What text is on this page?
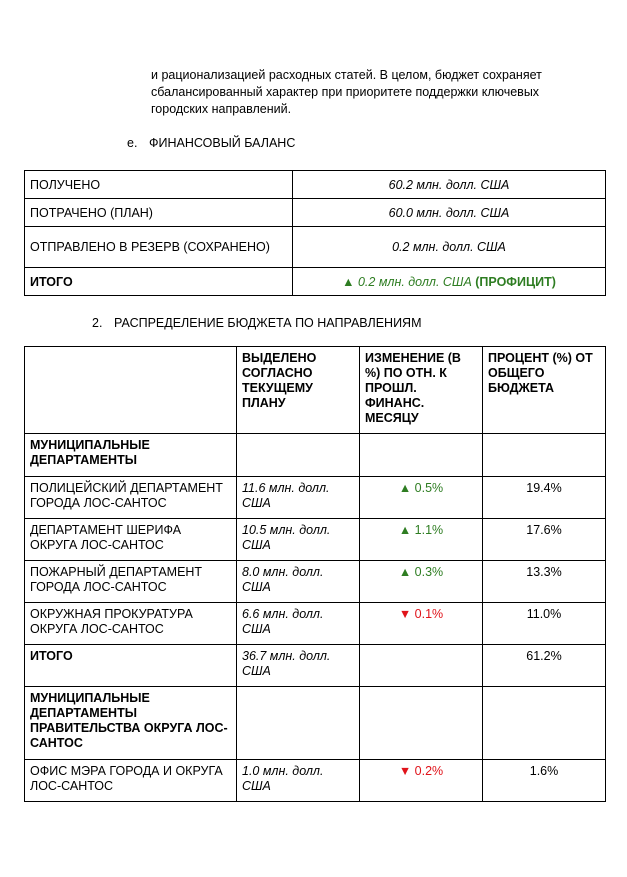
и рационализацией расходных статей. В целом, бюджет сохраняет
сбалансированный характер при приоритете поддержки ключевых
городских направлений.
e. ФИНАНСОВЫЙ БАЛАНС
ПОЛУЧЕНО	60.2 млн. долл. США
ПОТРАЧЕНО (ПЛАН)	60.0 млн. долл. США
ОТПРАВЛЕНО В РЕЗЕРВ (СОХРАНЕНО)	0.2 млн. долл. США
ИТОГО	▲ 0.2 млн. долл. США (ПРОФИЦИТ)
2. РАСПРЕДЕЛЕНИЕ БЮДЖЕТА ПО НАПРАВЛЕНИЯМ
	ВЫДЕЛЕНО СОГЛАСНО ТЕКУЩЕМУ ПЛАНУ	ИЗМЕНЕНИЕ (В %) ПО ОТН. К ПРОШЛ. ФИНАНС. МЕСЯЦУ	ПРОЦЕНТ (%) ОТ ОБЩЕГО БЮДЖЕТА
МУНИЦИПАЛЬНЫЕ ДЕПАРТАМЕНТЫ			
ПОЛИЦЕЙСКИЙ ДЕПАРТАМЕНТ ГОРОДА ЛОС-САНТОС	11.6 млн. долл. США	▲ 0.5%	19.4%
ДЕПАРТАМЕНТ ШЕРИФА ОКРУГА ЛОС-САНТОС	10.5 млн. долл. США	▲ 1.1%	17.6%
ПОЖАРНЫЙ ДЕПАРТАМЕНТ ГОРОДА ЛОС-САНТОС	8.0 млн. долл. США	▲ 0.3%	13.3%
ОКРУЖНАЯ ПРОКУРАТУРА ОКРУГА ЛОС-САНТОС	6.6 млн. долл. США	▼ 0.1%	11.0%
ИТОГО	36.7 млн. долл. США		61.2%
МУНИЦИПАЛЬНЫЕ ДЕПАРТАМЕНТЫ ПРАВИТЕЛЬСТВА ОКРУГА ЛОС-САНТОС			
ОФИС МЭРА ГОРОДА И ОКРУГА ЛОС-САНТОС	1.0 млн. долл. США	▼ 0.2%	1.6%
